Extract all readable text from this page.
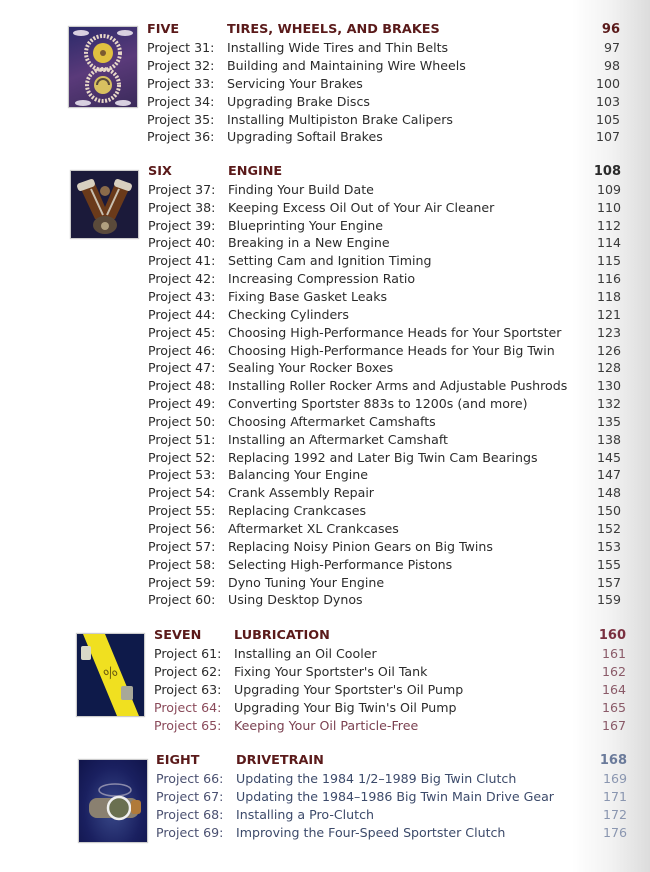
%
FIVE	TIRES, WHEELS, AND BRAKES	96
Project 31: Installing Wide Tires and Thin Belts	97
Project 32: Building and Maintaining Wire Wheels	98
Project 33: Servicing Your Brakes	100
Project 34: Upgrading Brake Discs	103
Project 35: Installing Multipiston Brake Calipers	105
Project 36: Upgrading Softail Brakes	107
SIX	ENGINE	108
Project 37: Finding Your Build Date	109
Project 38: Keeping Excess Oil Out of Your Air Cleaner	110
Project 39: Blueprinting Your Engine	112
Project 40: Breaking in a New Engine	114
Project 41: Setting Cam and Ignition Timing	115
Project 42: Increasing Compression Ratio	116
Project 43: Fixing Base Gasket Leaks	118
Project 44: Checking Cylinders	121
Project 45: Choosing High-Performance Heads for Your Sportster	123
Project 46: Choosing High-Performance Heads for Your Big Twin	126
Project 47: Sealing Your Rocker Boxes	128
Project 48: Installing Roller Rocker Arms and Adjustable Pushrods	130
Project 49: Converting Sportster 883s to 1200s (and more)	132
Project 50: Choosing Aftermarket Camshafts	135
Project 51: Installing an Aftermarket Camshaft	138
Project 52: Replacing 1992 and Later Big Twin Cam Bearings	145
Project 53: Balancing Your Engine	147
Project 54: Crank Assembly Repair	148
Project 55: Replacing Crankcases	150
Project 56: Aftermarket XL Crankcases	152
Project 57: Replacing Noisy Pinion Gears on Big Twins	153
Project 58: Selecting High-Performance Pistons	155
Project 59: Dyno Tuning Your Engine	157
Project 60: Using Desktop Dynos	159
SEVEN	LUBRICATION	160
Project 61: Installing an Oil Cooler	161
Project 62: Fixing Your Sportster's Oil Tank	162
Project 63: Upgrading Your Sportster's Oil Pump	164
Project 64: Upgrading Your Big Twin's Oil Pump	165
Project 65: Keeping Your Oil Particle-Free	167
EIGHT	DRIVETRAIN	168
Project 66: Updating the 1984 1/2–1989 Big Twin Clutch	169
Project 67: Updating the 1984–1986 Big Twin Main Drive Gear	171
Project 68: Installing a Pro-Clutch	172
Project 69: Improving the Four-Speed Sportster Clutch	176
